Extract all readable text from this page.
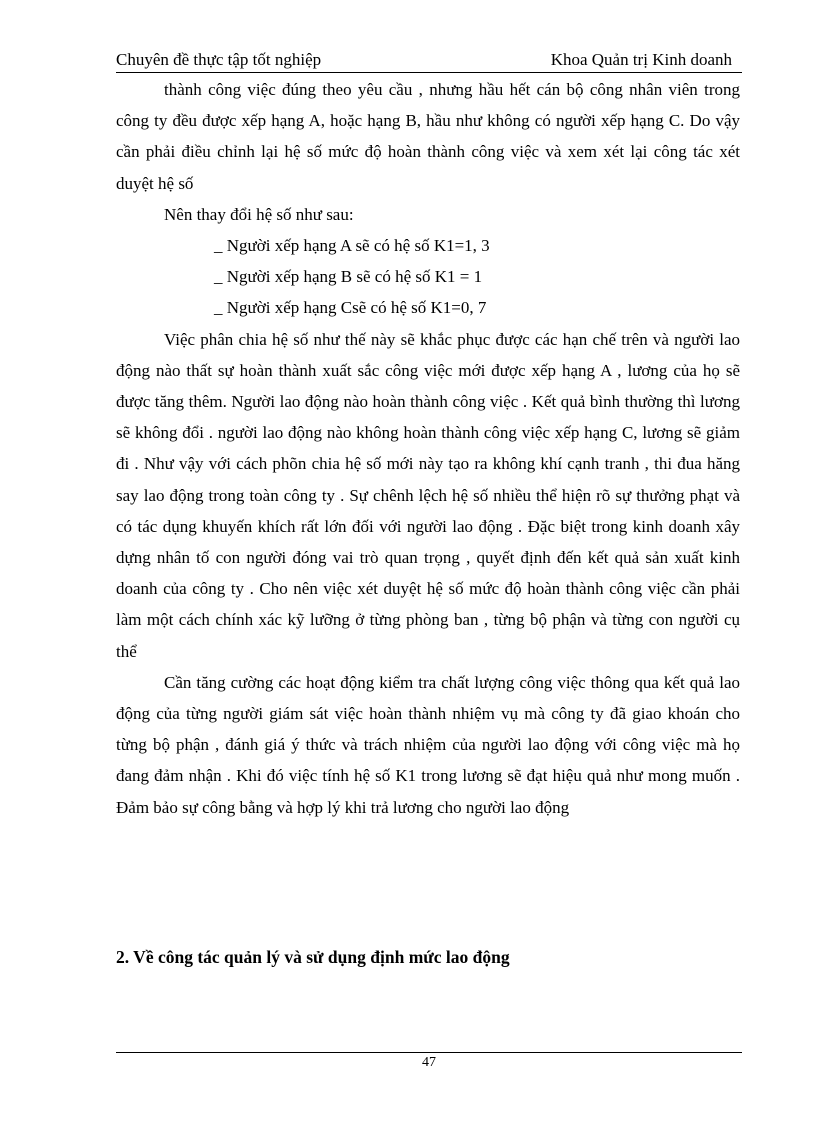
Chuyên đề thực tập tốt nghiệp	Khoa Quản trị Kinh doanh

thành công việc đúng theo yêu cầu , nhưng hầu hết cán bộ công nhân viên trong công ty đều được xếp hạng A, hoặc hạng B, hầu như không có người xếp hạng C. Do vậy cần phải điều chỉnh lại hệ số mức độ hoàn thành công việc và xem xét lại công tác xét duyệt hệ số

Nên thay đổi hệ số như sau:

_ Người xếp hạng A sẽ có hệ số K1=1, 3

_ Người xếp hạng B sẽ có hệ số K1 = 1

_ Người xếp hạng Csẽ có hệ số K1=0, 7

Việc phân chia hệ số như thế này sẽ khắc phục được các hạn chế trên và người lao động nào thất sự hoàn thành xuất sắc công việc mới được xếp hạng A , lương của họ sẽ được tăng thêm. Người lao động nào hoàn thành công việc . Kết quả bình thường thì lương sẽ không đổi . người lao động nào không hoàn thành công việc xếp hạng C, lương sẽ giảm đi . Như vậy với cách phõn chia hệ số mới này tạo ra không khí cạnh tranh , thi đua hăng say lao động trong toàn công ty . Sự chênh lệch hệ số nhiều thể hiện rõ sự thưởng phạt và có tác dụng khuyến khích rất lớn đối với người lao động . Đặc biệt trong kinh doanh xây dựng nhân tố con người đóng vai trò quan trọng , quyết định đến kết quả sản xuất kinh doanh của công ty . Cho nên việc xét duyệt hệ số mức độ hoàn thành công việc cần phải làm một cách chính xác kỹ lưỡng ở từng phòng ban , từng bộ phận và từng con người cụ thể

Cần tăng cường các hoạt động kiểm tra chất lượng công việc thông qua kết quả lao động của từng người giám sát việc hoàn thành nhiệm vụ mà công ty đã giao khoán cho từng bộ phận , đánh giá ý thức và trách nhiệm của người lao động với công việc mà họ đang đảm nhận . Khi đó việc tính hệ số K1 trong lương sẽ đạt hiệu quả như mong muốn . Đảm bảo sự công bằng và hợp lý khi trả lương cho người lao động

2. Về công tác quản lý và sử dụng định mức lao động
47
